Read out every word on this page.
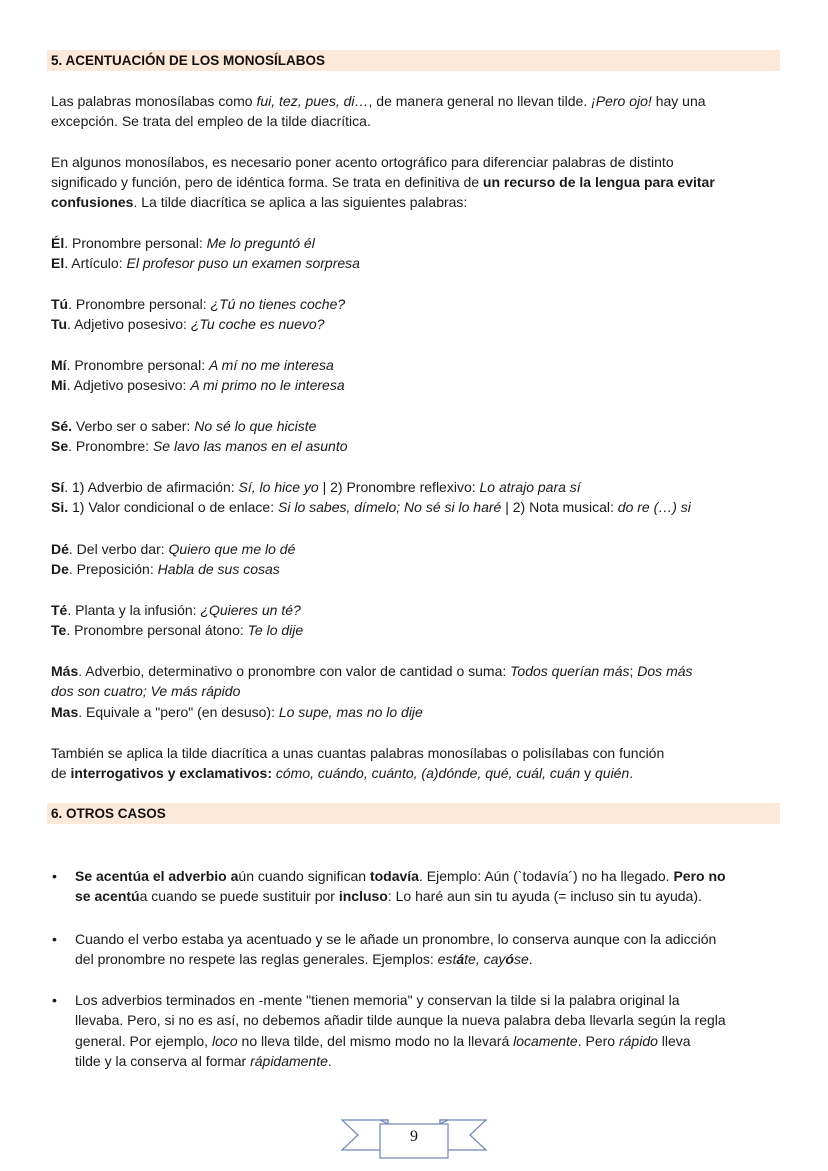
5. ACENTUACIÓN DE LOS MONOSÍLABOS
Las palabras monosílabas como fui, tez, pues, di…, de manera general no llevan tilde. ¡Pero ojo! hay una
excepción. Se trata del empleo de la tilde diacrítica.
En algunos monosílabos, es necesario poner acento ortográfico para diferenciar palabras de distinto
significado y función, pero de idéntica forma. Se trata en definitiva de un recurso de la lengua para evitar
confusiones. La tilde diacrítica se aplica a las siguientes palabras:
Él. Pronombre personal: Me lo preguntó él
El. Artículo: El profesor puso un examen sorpresa
Tú. Pronombre personal: ¿Tú no tienes coche?
Tu. Adjetivo posesivo: ¿Tu coche es nuevo?
Mí. Pronombre personal: A mí no me interesa
Mi. Adjetivo posesivo: A mi primo no le interesa
Sé. Verbo ser o saber: No sé lo que hiciste
Se. Pronombre: Se lavo las manos en el asunto
Sí. 1) Adverbio de afirmación: Sí, lo hice yo | 2) Pronombre reflexivo: Lo atrajo para sí
Si. 1) Valor condicional o de enlace: Si lo sabes, dímelo; No sé si lo haré | 2) Nota musical: do re (…) si
Dé. Del verbo dar: Quiero que me lo dé
De. Preposición: Habla de sus cosas
Té. Planta y la infusión: ¿Quieres un té?
Te. Pronombre personal átono: Te lo dije
Más. Adverbio, determinativo o pronombre con valor de cantidad o suma: Todos querían más; Dos más
dos son cuatro; Ve más rápido
Mas. Equivale a "pero" (en desuso): Lo supe, mas no lo dije
También se aplica la tilde diacrítica a unas cuantas palabras monosílabas o polisílabas con función
de interrogativos y exclamativos: cómo, cuándo, cuánto, (a)dónde, qué, cuál, cuán y quién.
6. OTROS CASOS
• Se acentúa el adverbio aún cuando significan todavía. Ejemplo: Aún (`todavía´) no ha llegado. Pero no
se acentúa cuando se puede sustituir por incluso: Lo haré aun sin tu ayuda (= incluso sin tu ayuda).
• Cuando el verbo estaba ya acentuado y se le añade un pronombre, lo conserva aunque con la adicción
del pronombre no respete las reglas generales. Ejemplos: estáte, cayóse.
• Los adverbios terminados en -mente "tienen memoria" y conservan la tilde si la palabra original la
llevaba. Pero, si no es así, no debemos añadir tilde aunque la nueva palabra deba llevarla según la regla
general. Por ejemplo, loco no lleva tilde, del mismo modo no la llevará locamente. Pero rápido lleva
tilde y la conserva al formar rápidamente.
9
